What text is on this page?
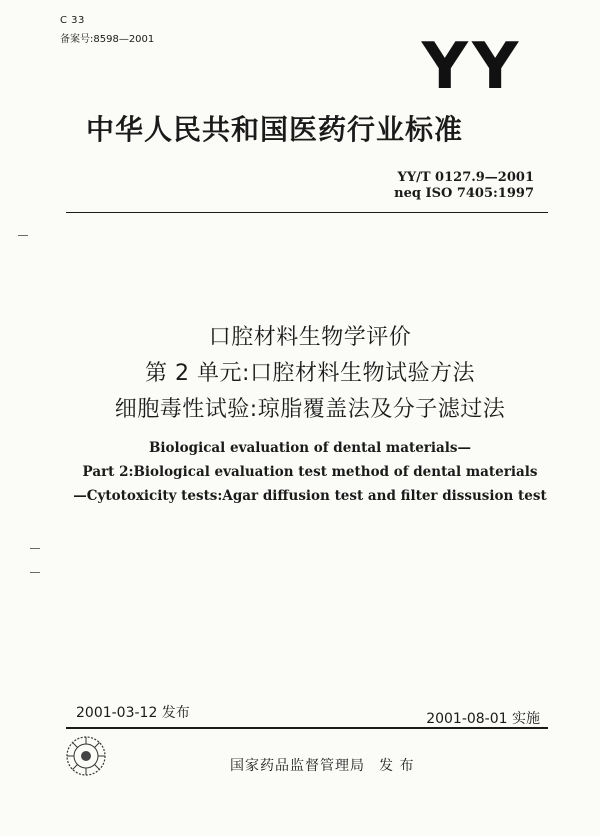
C 33
备案号:8598—2001	YY
中华人民共和国医药行业标准
YY/T 0127.9—2001
neq ISO 7405:1997
口腔材料生物学评价
第 2 单元:口腔材料生物试验方法
细胞毒性试验:琼脂覆盖法及分子滤过法
Biological evaluation of dental materials—
Part 2:Biological evaluation test method of dental materials
—Cytotoxicity tests:Agar diffusion test and filter dissusion test
2001-03-12 发布	2001-08-01 实施
国家药品监督管理局 发 布
